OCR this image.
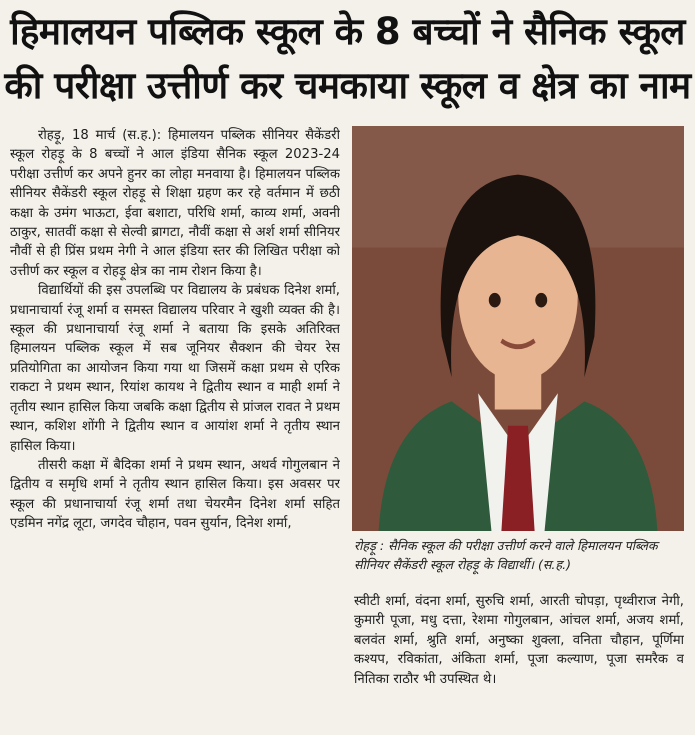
हिमालयन पब्लिक स्कूल के 8 बच्चों ने सैनिक स्कूल
की परीक्षा उत्तीर्ण कर चमकाया स्कूल व क्षेत्र का नाम

रोहड़ू, 18 मार्च (स.ह.): हिमालयन पब्लिक सीनियर सैकेंडरी स्कूल रोहड़ू के 8 बच्चों ने आल इंडिया सैनिक स्कूल 2023-24 परीक्षा उत्तीर्ण कर अपने हुनर का लोहा मनवाया है। हिमालयन पब्लिक सीनियर सैकेंडरी स्कूल रोहड़ू से शिक्षा ग्रहण कर रहे वर्तमान में छठी कक्षा के उमंग भाऊटा, ईवा बशाटा, परिधि शर्मा, काव्य शर्मा, अवनी ठाकुर, सातवीं कक्षा से सेल्वी ब्रागटा, नौवीं कक्षा से अर्श शर्मा सीनियर नौवीं से ही प्रिंस प्रथम नेगी ने आल इंडिया स्तर की लिखित परीक्षा को उत्तीर्ण कर स्कूल व रोहड़ू क्षेत्र का नाम रोशन किया है।

विद्यार्थियों की इस उपलब्धि पर विद्यालय के प्रबंधक दिनेश शर्मा, प्रधानाचार्या रंजू शर्मा व समस्त विद्यालय परिवार ने खुशी व्यक्त की है। स्कूल की प्रधानाचार्या रंजू शर्मा ने बताया कि इसके अतिरिक्त हिमालयन पब्लिक स्कूल में सब जूनियर सैक्शन की चेयर रेस प्रतियोगिता का आयोजन किया गया था जिसमें कक्षा प्रथम से एरिक राकटा ने प्रथम स्थान, रियांश कायथ ने द्वितीय स्थान व माही शर्मा ने तृतीय स्थान हासिल किया जबकि कक्षा द्वितीय से प्रांजल रावत ने प्रथम स्थान, कशिश शोंगी ने द्वितीय स्थान व आयांश शर्मा ने तृतीय स्थान हासिल किया।

तीसरी कक्षा में बैदिका शर्मा ने प्रथम स्थान, अथर्व गोगुलबान ने द्वितीय व समृधि शर्मा ने तृतीय स्थान हासिल किया। इस अवसर पर स्कूल की प्रधानाचार्या रंजू शर्मा तथा चेयरमैन दिनेश शर्मा सहित एडमिन नगेंद्र लूटा, जगदेव चौहान, पवन सुर्यान, दिनेश शर्मा,

रोहड़ू : सैनिक स्कूल की परीक्षा उत्तीर्ण करने वाले हिमालयन पब्लिक सीनियर सैकेंडरी स्कूल रोहड़ू के विद्यार्थी। (स.ह.)

स्वीटी शर्मा, वंदना शर्मा, सुरुचि शर्मा, आरती चोपड़ा, पृथ्वीराज नेगी, कुमारी पूजा, मधु दत्ता, रेशमा गोगुलबान, आंचल शर्मा, अजय शर्मा, बलवंत शर्मा, श्रुति शर्मा, अनुष्का शुक्ला, वनिता चौहान, पूर्णिमा कश्यप, रविकांता, अंकिता शर्मा, पूजा कल्याण, पूजा समरैक व नितिका राठौर भी उपस्थित थे।
